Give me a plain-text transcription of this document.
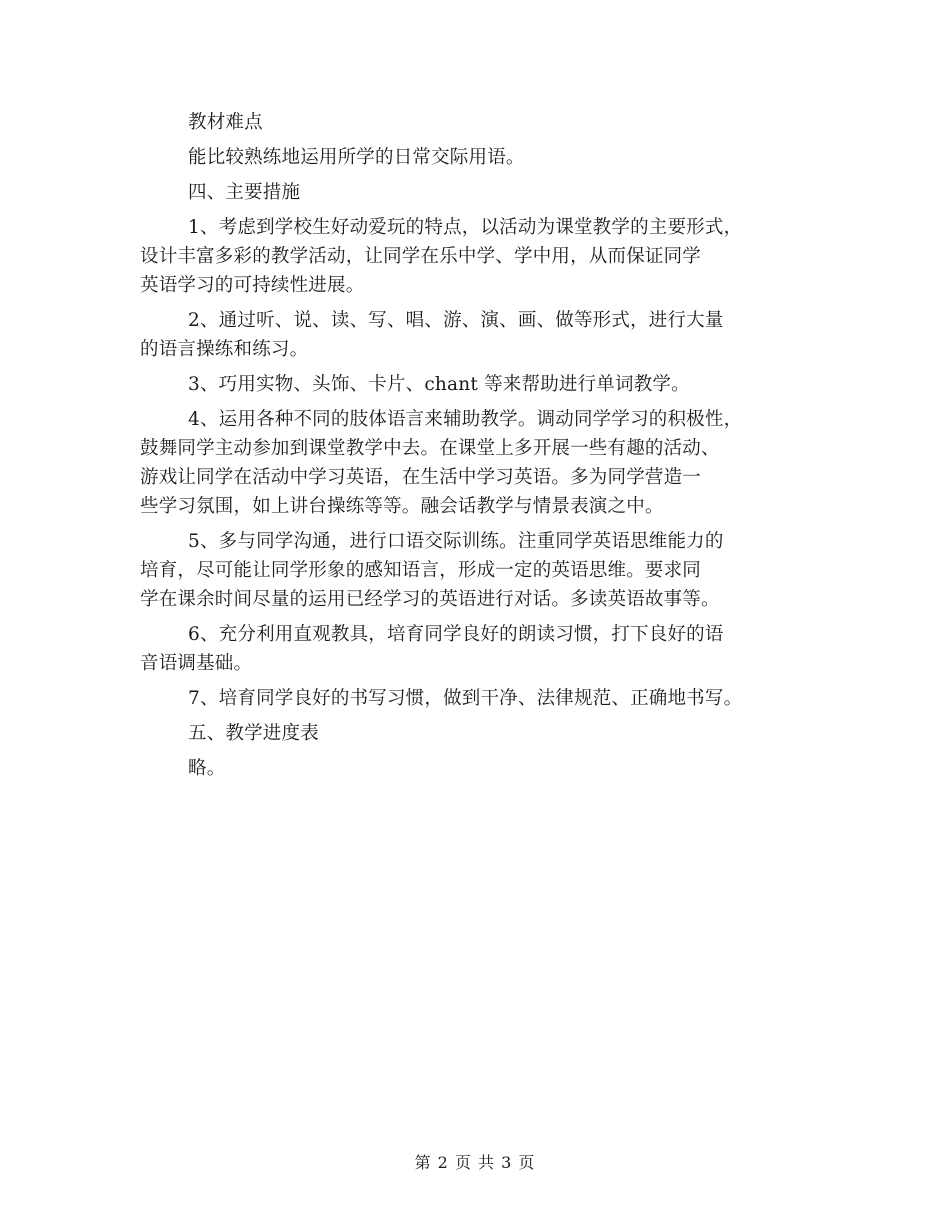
教材难点
能比较熟练地运用所学的日常交际用语。
四、主要措施
1、考虑到学校生好动爱玩的特点，以活动为课堂教学的主要形式，
设计丰富多彩的教学活动，让同学在乐中学、学中用，从而保证同学
英语学习的可持续性进展。
2、通过听、说、读、写、唱、游、演、画、做等形式，进行大量
的语言操练和练习。
3、巧用实物、头饰、卡片、chant 等来帮助进行单词教学。
4、运用各种不同的肢体语言来辅助教学。调动同学学习的积极性，
鼓舞同学主动参加到课堂教学中去。在课堂上多开展一些有趣的活动、
游戏让同学在活动中学习英语，在生活中学习英语。多为同学营造一
些学习氛围，如上讲台操练等等。融会话教学与情景表演之中。
5、多与同学沟通，进行口语交际训练。注重同学英语思维能力的
培育，尽可能让同学形象的感知语言，形成一定的英语思维。要求同
学在课余时间尽量的运用已经学习的英语进行对话。多读英语故事等。
6、充分利用直观教具，培育同学良好的朗读习惯，打下良好的语
音语调基础。
7、培育同学良好的书写习惯，做到干净、法律规范、正确地书写。
五、教学进度表
略。
第 2 页 共 3 页
